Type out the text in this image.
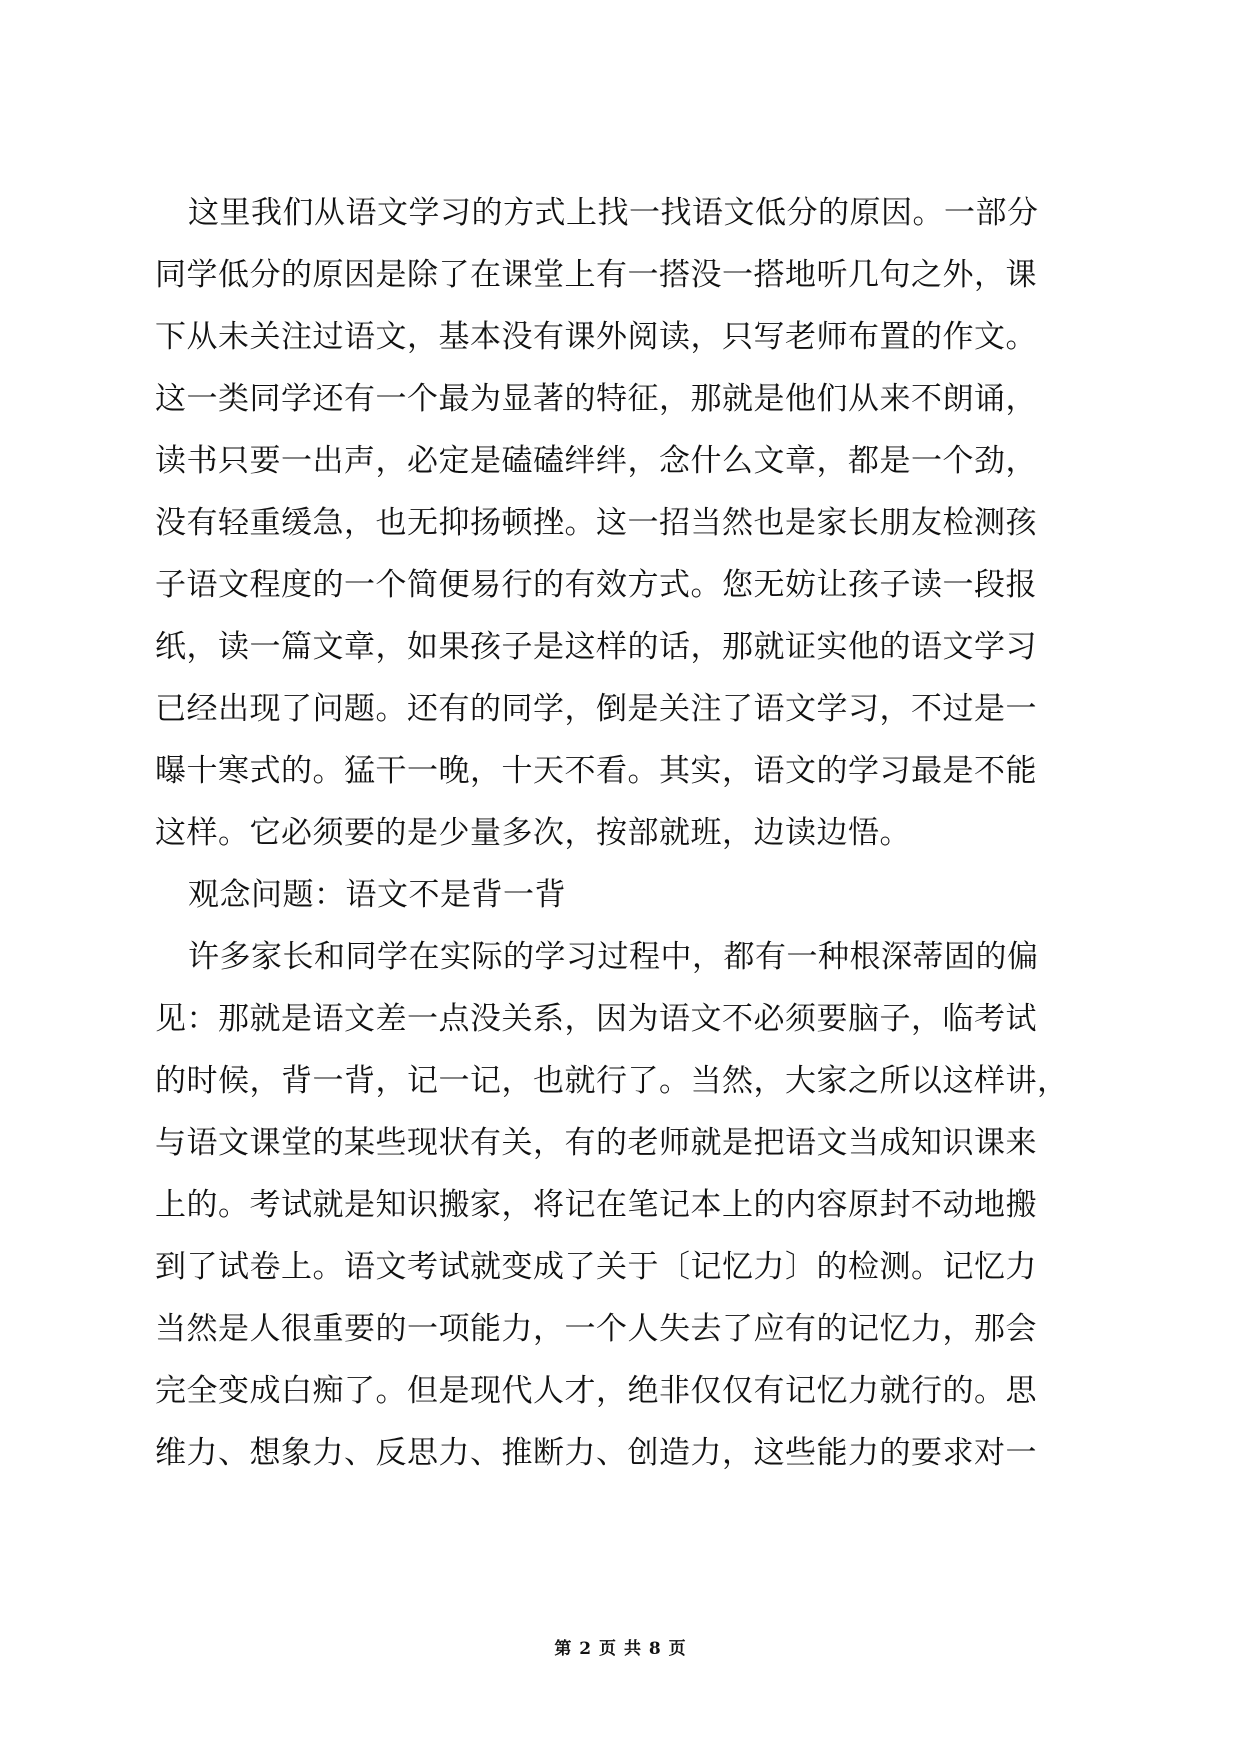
这里我们从语文学习的方式上找一找语文低分的原因。一部分
同学低分的原因是除了在课堂上有一搭没一搭地听几句之外，课
下从未关注过语文，基本没有课外阅读，只写老师布置的作文。
这一类同学还有一个最为显著的特征，那就是他们从来不朗诵，
读书只要一出声，必定是磕磕绊绊，念什么文章，都是一个劲，
没有轻重缓急，也无抑扬顿挫。这一招当然也是家长朋友检测孩
子语文程度的一个简便易行的有效方式。您无妨让孩子读一段报
纸，读一篇文章，如果孩子是这样的话，那就证实他的语文学习
已经出现了问题。还有的同学，倒是关注了语文学习，不过是一
曝十寒式的。猛干一晚，十天不看。其实，语文的学习最是不能
这样。它必须要的是少量多次，按部就班，边读边悟。
观念问题：语文不是背一背
许多家长和同学在实际的学习过程中，都有一种根深蒂固的偏
见：那就是语文差一点没关系，因为语文不必须要脑子，临考试
的时候，背一背，记一记，也就行了。当然，大家之所以这样讲，
与语文课堂的某些现状有关，有的老师就是把语文当成知识课来
上的。考试就是知识搬家，将记在笔记本上的内容原封不动地搬
到了试卷上。语文考试就变成了关于〔记忆力〕的检测。记忆力
当然是人很重要的一项能力，一个人失去了应有的记忆力，那会
完全变成白痴了。但是现代人才，绝非仅仅有记忆力就行的。思
维力、想象力、反思力、推断力、创造力，这些能力的要求对一
第 2 页 共 8 页
